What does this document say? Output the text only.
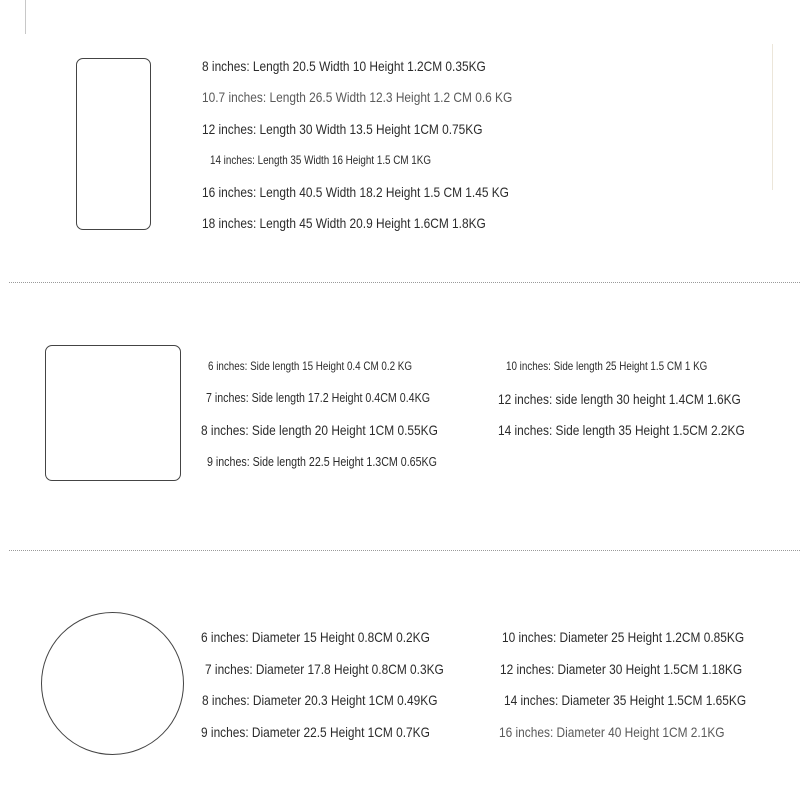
8 inches: Length 20.5 Width 10 Height 1.2CM 0.35KG
10.7 inches: Length 26.5 Width 12.3 Height 1.2 CM 0.6 KG
12 inches: Length 30 Width 13.5 Height 1CM 0.75KG
14 inches: Length 35 Width 16 Height 1.5 CM 1KG
16 inches: Length 40.5 Width 18.2 Height 1.5 CM 1.45 KG
18 inches: Length 45 Width 20.9 Height 1.6CM 1.8KG
6 inches: Side length 15 Height 0.4 CM 0.2 KG
7 inches: Side length 17.2 Height 0.4CM 0.4KG
8 inches: Side length 20 Height 1CM 0.55KG
9 inches: Side length 22.5 Height 1.3CM 0.65KG
10 inches: Side length 25 Height 1.5 CM 1 KG
12 inches: side length 30 height 1.4CM 1.6KG
14 inches: Side length 35 Height 1.5CM 2.2KG
6 inches: Diameter 15 Height 0.8CM 0.2KG
7 inches: Diameter 17.8 Height 0.8CM 0.3KG
8 inches: Diameter 20.3 Height 1CM 0.49KG
9 inches: Diameter 22.5 Height 1CM 0.7KG
10 inches: Diameter 25 Height 1.2CM 0.85KG
12 inches: Diameter 30 Height 1.5CM 1.18KG
14 inches: Diameter 35 Height 1.5CM 1.65KG
16 inches: Diameter 40 Height 1CM 2.1KG
